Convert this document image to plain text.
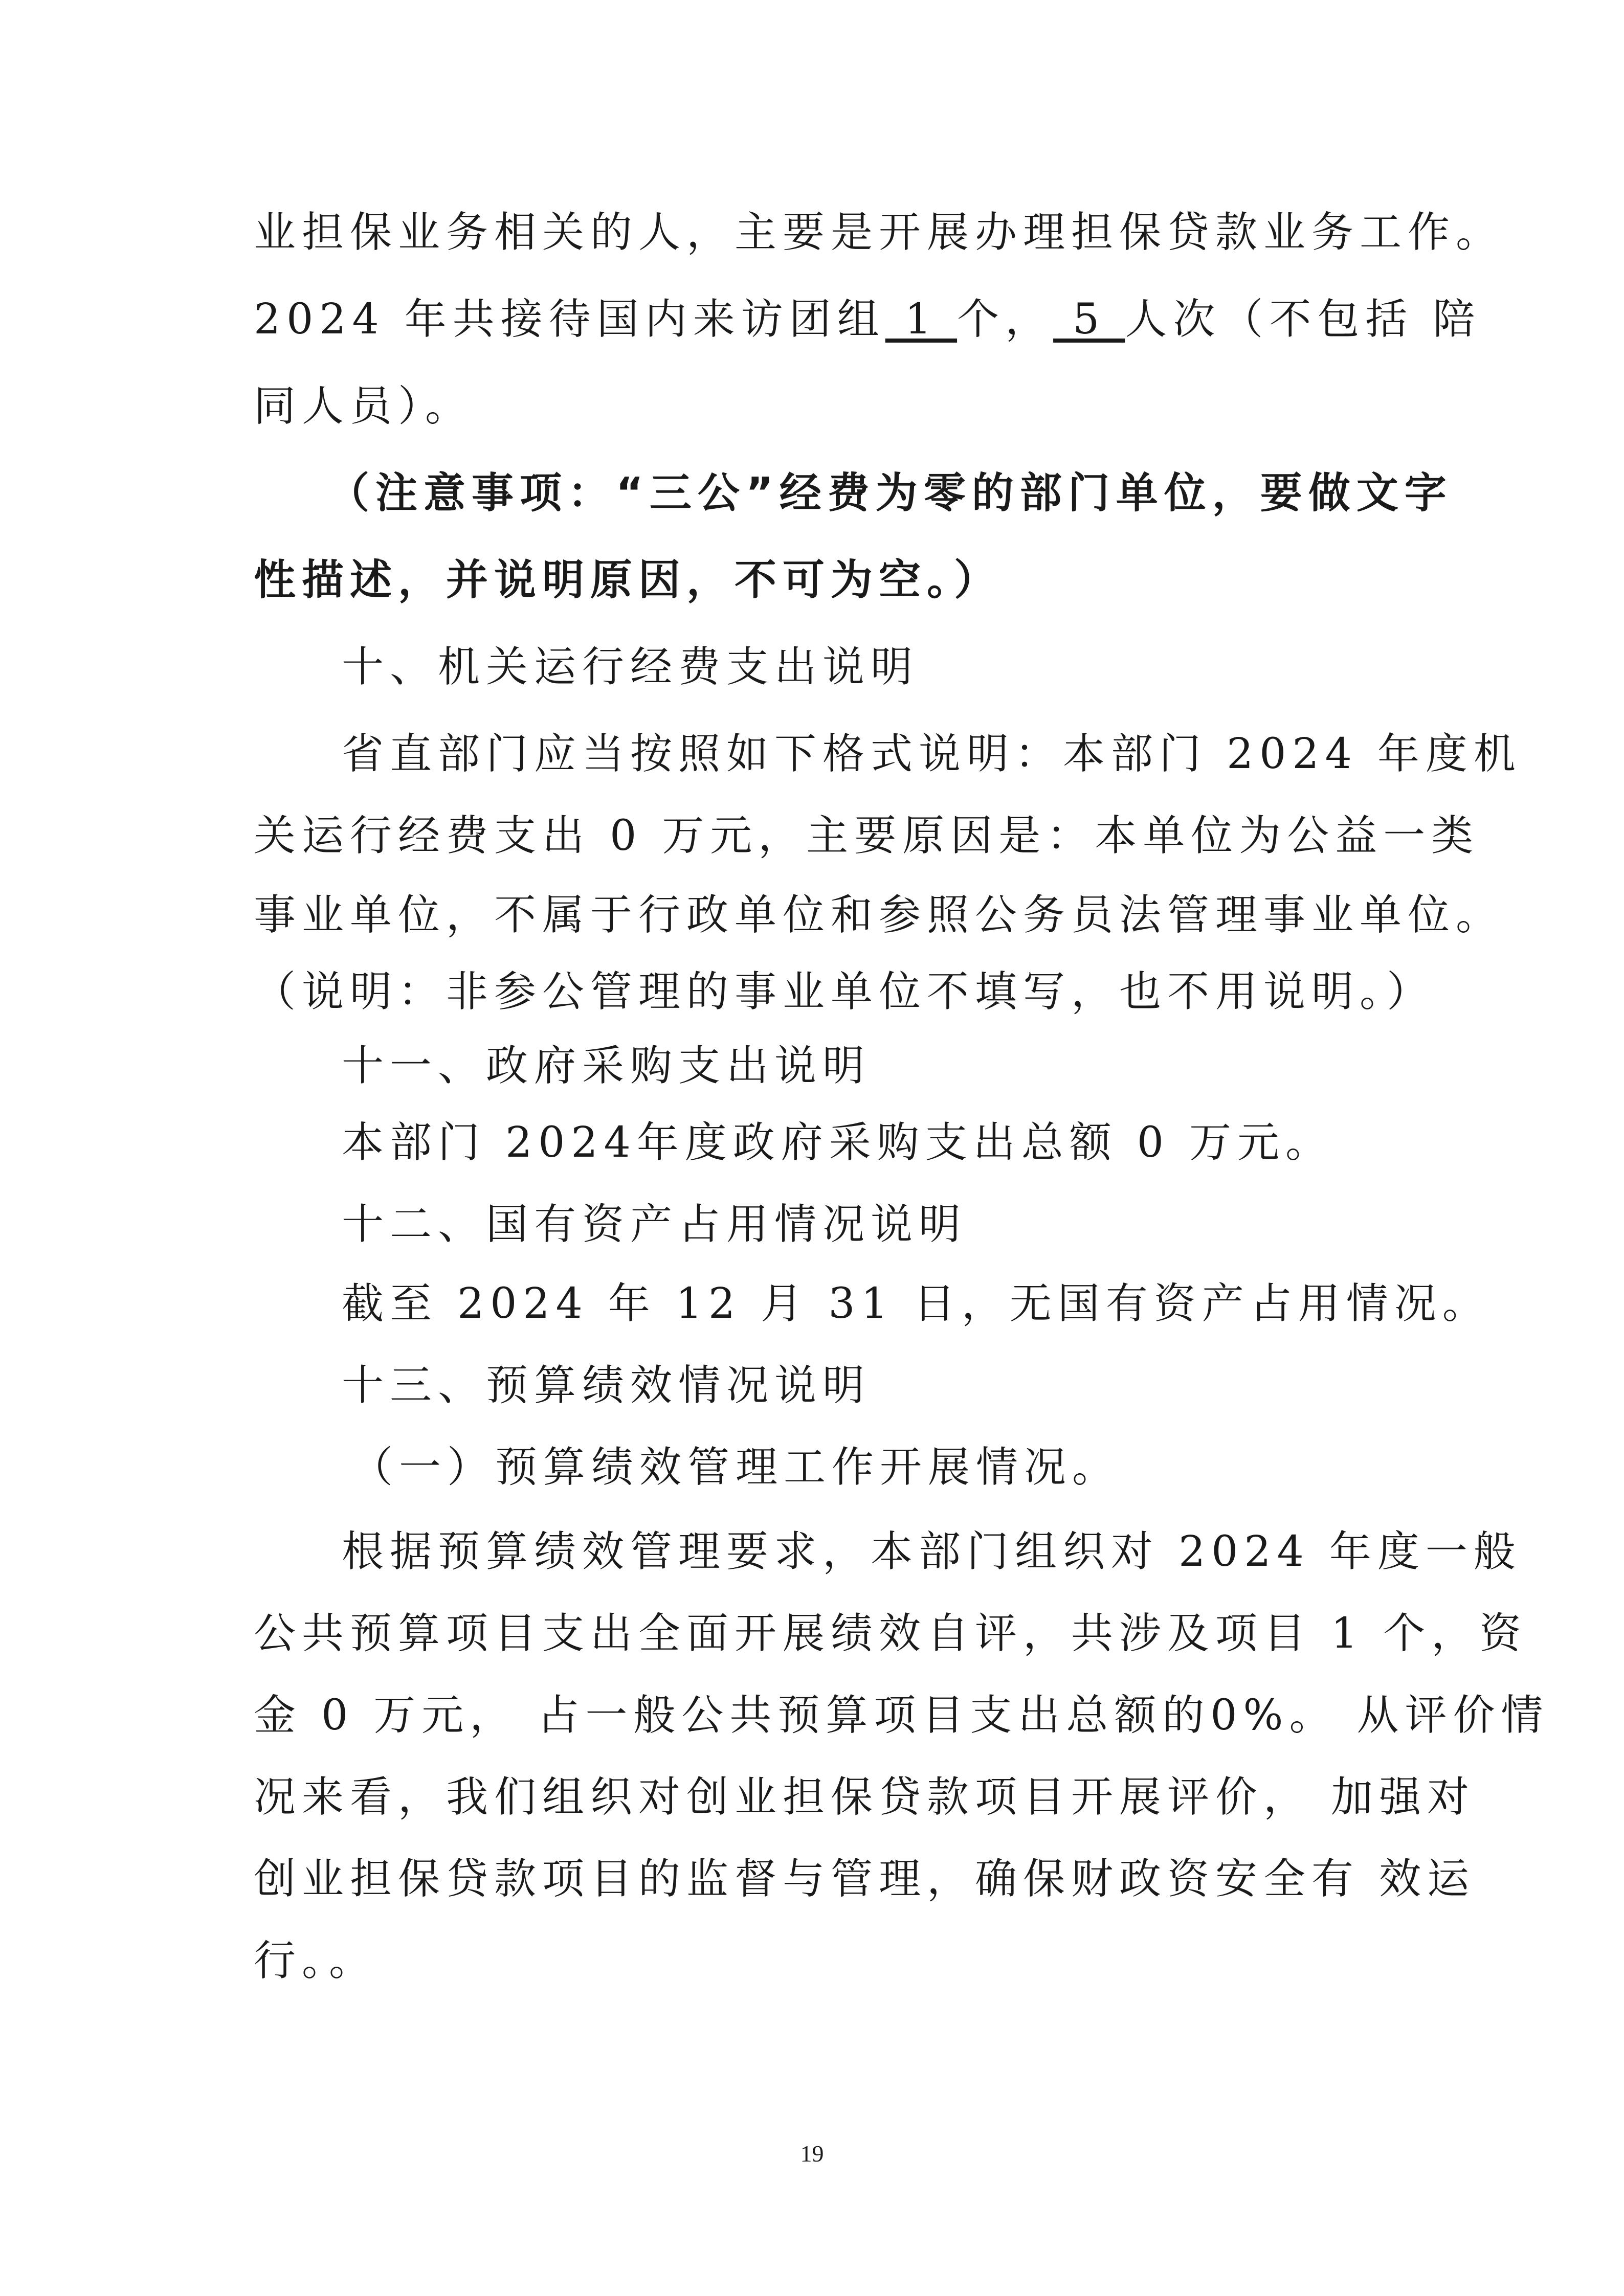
业担保业务相关的人，主要是开展办理担保贷款业务工作。
2024 年共接待国内来访团组 1 个， 5 人次（不包括 陪
同人员）。
（注意事项：“三公”经费为零的部门单位，要做文字
性描述，并说明原因，不可为空。）
十、机关运行经费支出说明
省直部门应当按照如下格式说明：本部门 2024 年度机
关运行经费支出 0 万元，主要原因是：本单位为公益一类
事业单位，不属于行政单位和参照公务员法管理事业单位。
（说明：非参公管理的事业单位不填写，也不用说明。）
十一、政府采购支出说明
本部门 2024年度政府采购支出总额 0 万元。
十二、国有资产占用情况说明
截至 2024 年 12 月 31 日，无国有资产占用情况。
十三、预算绩效情况说明
（一）预算绩效管理工作开展情况。
根据预算绩效管理要求，本部门组织对 2024 年度一般
公共预算项目支出全面开展绩效自评，共涉及项目 1 个，资
金 0 万元， 占一般公共预算项目支出总额的0%。 从评价情
况来看，我们组织对创业担保贷款项目开展评价， 加强对
创业担保贷款项目的监督与管理，确保财政资安全有 效运
行。。
19
